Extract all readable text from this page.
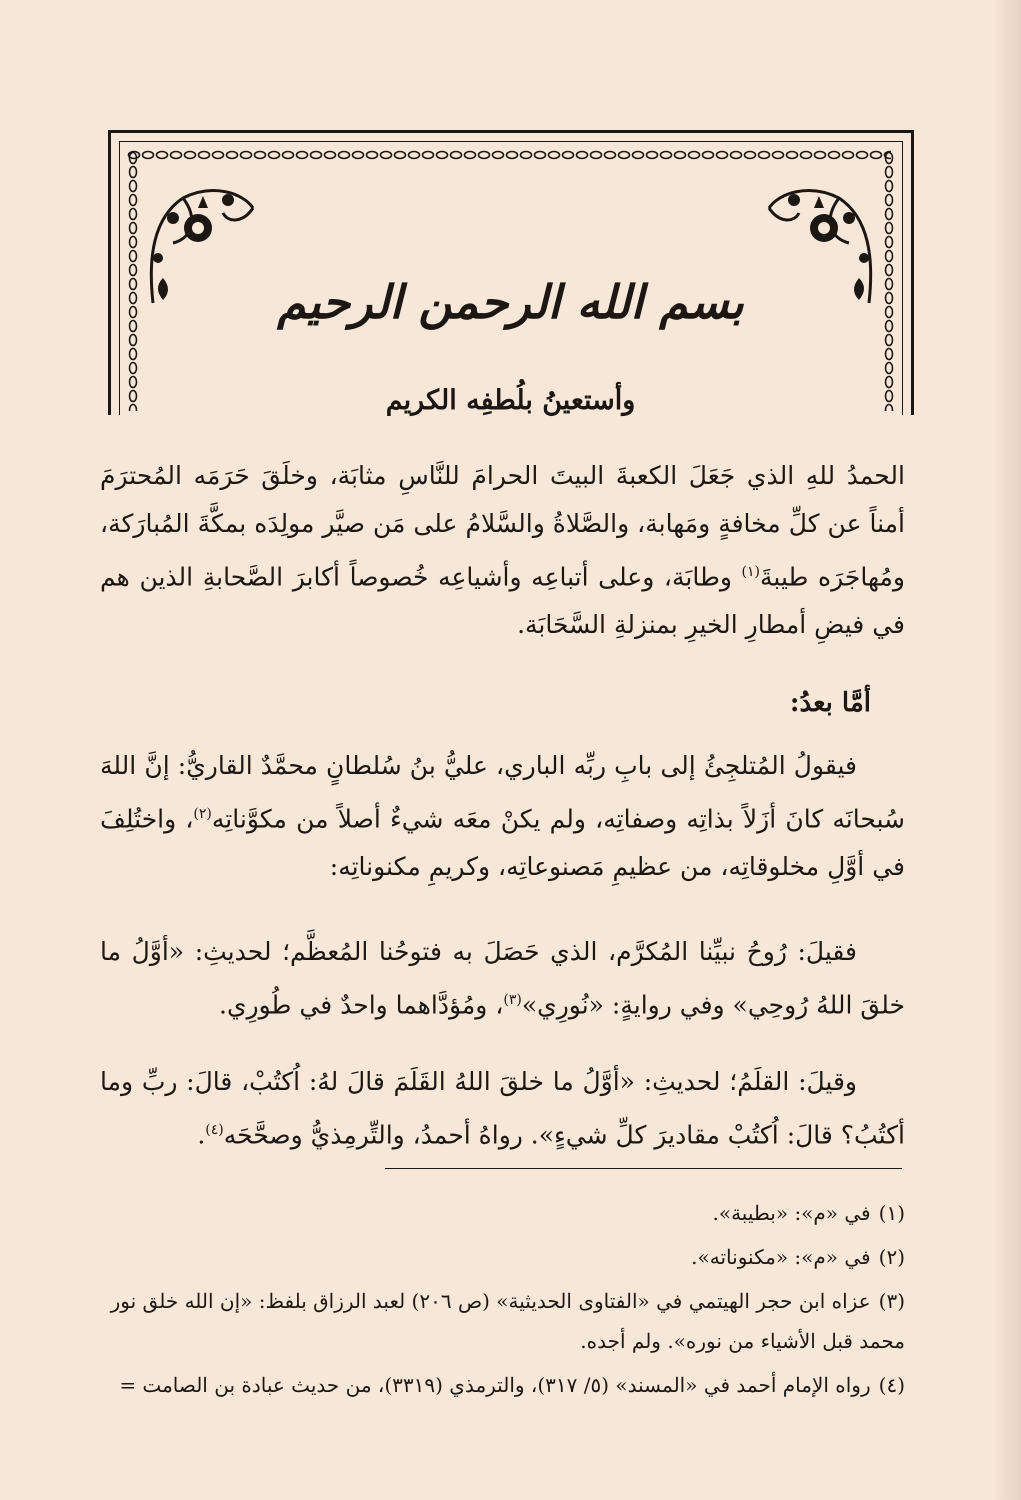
بسم الله الرحمن الرحيم
وأستعينُ بلُطفِه الكريم

الحمدُ للهِ الذي جَعَلَ الكعبةَ البيتَ الحرامَ للنَّاسِ مثابَة، وخلَقَ حَرَمَه المُحترَمَ أمناً عن كلِّ مخافةٍ ومَهابة، والصَّلاةُ والسَّلامُ على مَن صيَّر مولِدَه بمكَّةَ المُبارَكة، ومُهاجَرَه طيبةَ$^{(١)}$ وطابَة، وعلى أتباعِه وأشياعِه خُصوصاً أكابرَ الصَّحابةِ الذين هم في فيضِ أمطارِ الخيرِ بمنزلةِ السَّحَابَة.

أمَّا بعدُ:

فيقولُ المُتلجِئُ إلى بابِ ربِّه الباري، عليُّ بنُ سُلطانٍ محمَّدٌ القاريُّ: إنَّ اللهَ سُبحانَه كانَ أزَلاً بذاتِه وصفاتِه، ولم يكنْ معَه شيءٌ أصلاً من مكوَّناتِه$^{(٢)}$، واختُلِفَ في أوَّلِ مخلوقاتِه، من عظيمِ مَصنوعاتِه، وكريمِ مكنوناتِه:

فقيلَ: رُوحُ نبيِّنا المُكرَّم، الذي حَصَلَ به فتوحُنا المُعظَّم؛ لحديثِ: «أوَّلُ ما خلقَ اللهُ رُوحِي» وفي روايةٍ: «نُورِي»$^{(٣)}$، ومُؤدَّاهما واحدٌ في طُورِي.

وقيلَ: القلَمُ؛ لحديثِ: «أوَّلُ ما خلقَ اللهُ القَلَمَ قالَ لهُ: اُكتُبْ، قالَ: ربِّ وما أكتُبُ؟ قالَ: اُكتُبْ مقاديرَ كلِّ شيءٍ». رواهُ أحمدُ، والتِّرمِذيُّ وصحَّحَه$^{(٤)}$.

(١)في «م»: «بطيبة».

(٢)في «م»: «مكنوناته».

(٣)عزاه ابن حجر الهيتمي في «الفتاوى الحديثية» (ص ٢٠٦) لعبد الرزاق بلفظ: «إن الله خلق نور محمد قبل الأشياء من نوره». ولم أجده.

(٤)رواه الإمام أحمد في «المسند» (٥/ ٣١٧)، والترمذي (٣٣١٩)، من حديث عبادة بن الصامت =
